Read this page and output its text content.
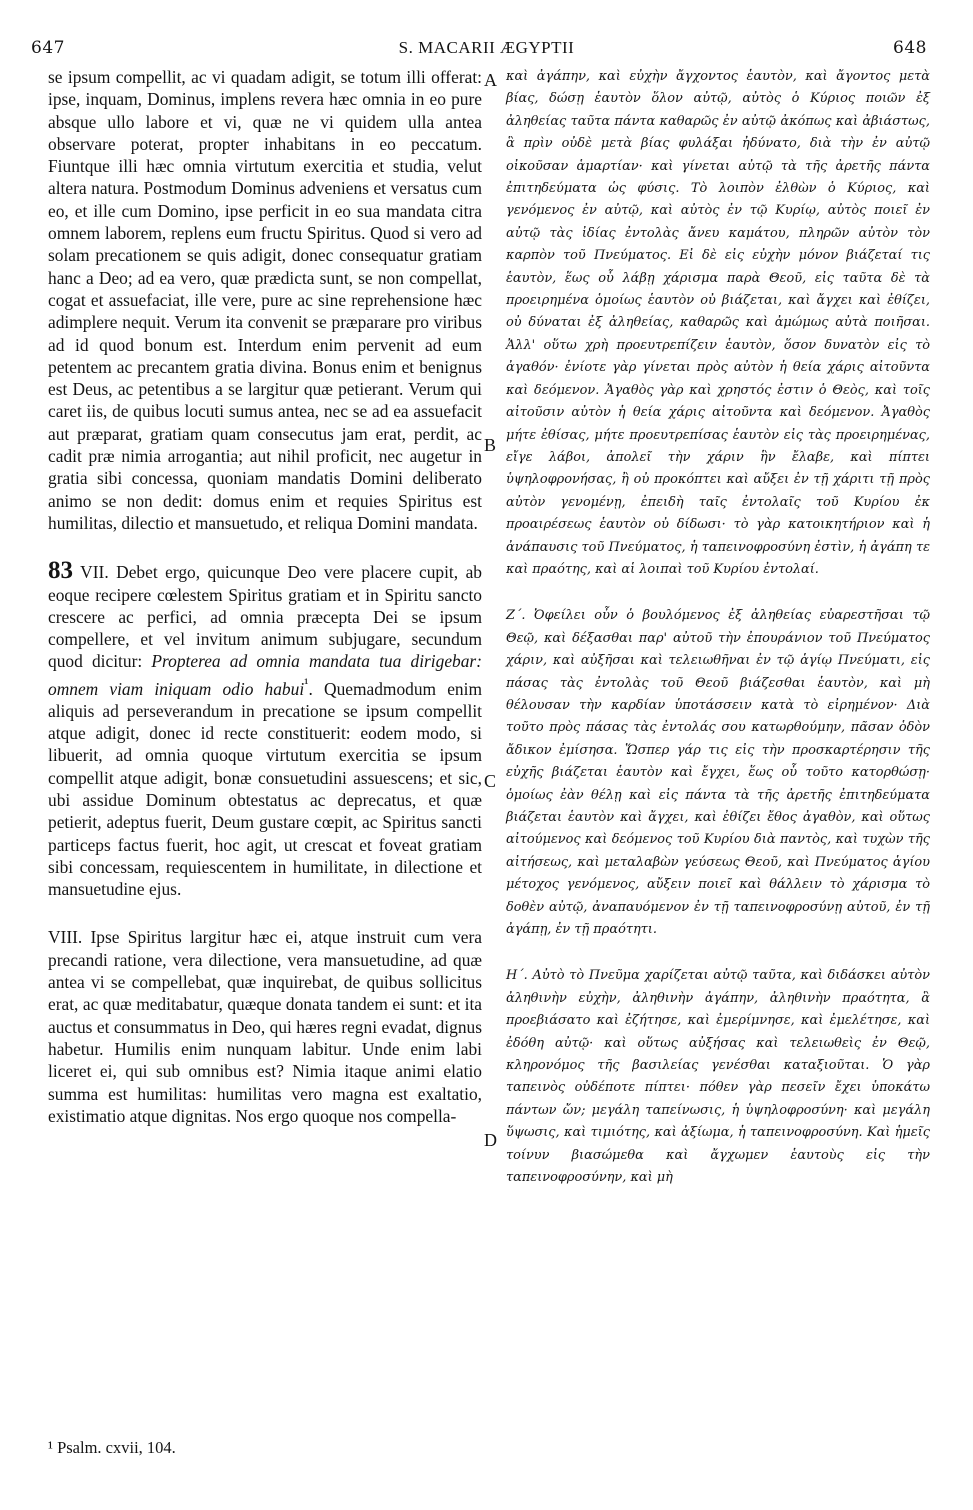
647	S. MACARII ÆGYPTII	648

se ipsum compellit, ac vi quadam adigit, se totum illi offerat: ipse, inquam, Dominus, implens revera hæc omnia in eo pure absque ullo labore et vi, quæ ne vi quidem ulla antea observare poterat, propter inhabitans in eo peccatum. Fiuntque illi hæc omnia virtutum exercitia et studia, velut altera natura. Postmodum Dominus adveniens et versatus cum eo, et ille cum Domino, ipse perficit in eo sua mandata citra omnem laborem, replens eum fructu Spiritus. Quod si vero ad solam precationem se quis adigit, donec consequatur gratiam hanc a Deo; ad ea vero, quæ prædicta sunt, se non compellat, cogat et assuefaciat, ille vere, pure ac sine reprehensione hæc adimplere nequit. Verum ita convenit se præparare pro viribus ad id quod bonum est. Interdum enim pervenit ad eum petentem ac precantem gratia divina. Bonus enim et benignus est Deus, ac petentibus a se largitur quæ petierant. Verum qui caret iis, de quibus locuti sumus antea, nec se ad ea assuefacit aut præparat, gratiam quam consecutus jam erat, perdit, ac cadit præ nimia arrogantia; aut nihil proficit, nec augetur in gratia sibi concessa, quoniam mandatis Domini deliberato animo se non dedit: domus enim et requies Spiritus est humilitas, dilectio et mansuetudo, et reliqua Domini mandata.

83 VII. Debet ergo, quicunque Deo vere placere cupit, ab eoque recipere cœlestem Spiritus gratiam et in Spiritu sancto crescere ac perfici, ad omnia præcepta Dei se ipsum compellere, et vel invitum animum subjugare, secundum quod dicitur: Propterea ad omnia mandata tua dirigebar: omnem viam iniquam odio habui$^{^1}$. Quemadmodum enim aliquis ad perseverandum in precatione se ipsum compellit atque adigit, donec id recte constituerit: eodem modo, si libuerit, ad omnia quoque virtutum exercitia se ipsum compellit atque adigit, bonæ consuetudini assuescens; et sic, ubi assidue Dominum obtestatus ac deprecatus, et quæ petierit, adeptus fuerit, Deum gustare cœpit, ac Spiritus sancti particeps factus fuerit, hoc agit, ut crescat et foveat gratiam sibi concessam, requiescentem in humilitate, in dilectione et mansuetudine ejus.

VIII. Ipse Spiritus largitur hæc ei, atque instruit cum vera precandi ratione, vera dilectione, vera mansuetudine, ad quæ antea vi se compellebat, quæ inquirebat, de quibus sollicitus erat, ac quæ meditabatur, quæque donata tandem ei sunt: et ita auctus et consummatus in Deo, qui hæres regni evadat, dignus habetur. Humilis enim nunquam labitur. Unde enim labi liceret ei, qui sub omnibus est? Nimia itaque animi elatio summa est humilitas: humilitas vero magna est exaltatio, existimatio atque dignitas. Nos ergo quoque nos compella-

A
B
C
D

καὶ ἀγάπην, καὶ εὐχὴν ἄγχοντος ἑαυτὸν, καὶ ἄγοντος μετὰ βίας, δώσῃ ἑαυτὸν ὅλον αὐτῷ, αὐτὸς ὁ Κύριος ποιῶν ἐξ ἀληθείας ταῦτα πάντα καθαρῶς ἐν αὐτῷ ἀκόπως καὶ ἀβιάστως, ἃ πρὶν οὐδὲ μετὰ βίας φυλάξαι ἠδύνατο, διὰ τὴν ἐν αὐτῷ οἰκοῦσαν ἁμαρτίαν· καὶ γίνεται αὐτῷ τὰ τῆς ἀρετῆς πάντα ἐπιτηδεύματα ὡς φύσις. Τὸ λοιπὸν ἐλθὼν ὁ Κύριος, καὶ γενόμενος ἐν αὐτῷ, καὶ αὐτὸς ἐν τῷ Κυρίῳ, αὐτὸς ποιεῖ ἐν αὐτῷ τὰς ἰδίας ἐντολὰς ἄνευ καμάτου, πληρῶν αὐτὸν τὸν καρπὸν τοῦ Πνεύματος. Εἰ δὲ εἰς εὐχὴν μόνον βιάζεταί τις ἑαυτὸν, ἕως οὗ λάβῃ χάρισμα παρὰ Θεοῦ, εἰς ταῦτα δὲ τὰ προειρημένα ὁμοίως ἑαυτὸν οὐ βιάζεται, καὶ ἄγχει καὶ ἐθίζει, οὐ δύναται ἐξ ἀληθείας, καθαρῶς καὶ ἀμώμως αὐτὰ ποιῆσαι. Ἀλλ' οὕτω χρὴ προευτρεπίζειν ἑαυτὸν, ὅσον δυνατὸν εἰς τὸ ἀγαθόν· ἐνίοτε γὰρ γίνεται πρὸς αὐτὸν ἡ θεία χάρις αἰτοῦντα καὶ δεόμενον. Ἀγαθὸς γὰρ καὶ χρηστός ἐστιν ὁ Θεὸς, καὶ τοῖς αἰτοῦσιν αὐτὸν ἡ θεία χάρις αἰτοῦντα καὶ δεόμενον. Ἀγαθὸς μήτε ἐθίσας, μήτε προευτρεπίσας ἑαυτὸν εἰς τὰς προειρημένας, εἴγε λάβοι, ἀπολεῖ τὴν χάριν ἣν ἔλαβε, καὶ πίπτει ὑψηλοφρονήσας, ἢ οὐ προκόπτει καὶ αὔξει ἐν τῇ χάριτι τῇ πρὸς αὐτὸν γενομένῃ, ἐπειδὴ ταῖς ἐντολαῖς τοῦ Κυρίου ἐκ προαιρέσεως ἑαυτὸν οὐ δίδωσι· τὸ γὰρ κατοικητήριον καὶ ἡ ἀνάπαυσις τοῦ Πνεύματος, ἡ ταπεινοφροσύνη ἐστὶν, ἡ ἀγάπη τε καὶ πραότης, καὶ αἱ λοιπαὶ τοῦ Κυρίου ἐντολαί.

Ζ΄. Ὀφείλει οὖν ὁ βουλόμενος ἐξ ἀληθείας εὐαρεστῆσαι τῷ Θεῷ, καὶ δέξασθαι παρ' αὐτοῦ τὴν ἐπουράνιον τοῦ Πνεύματος χάριν, καὶ αὐξῆσαι καὶ τελειωθῆναι ἐν τῷ ἁγίῳ Πνεύματι, εἰς πάσας τὰς ἐντολὰς τοῦ Θεοῦ βιάζεσθαι ἑαυτὸν, καὶ μὴ θέλουσαν τὴν καρδίαν ὑποτάσσειν κατὰ τὸ εἰρημένον· Διὰ τοῦτο πρὸς πάσας τὰς ἐντολάς σου κατωρθούμην, πᾶσαν ὁδὸν ἄδικον ἐμίσησα. Ὥσπερ γάρ τις εἰς τὴν προσκαρτέρησιν τῆς εὐχῆς βιάζεται ἑαυτὸν καὶ ἔγχει, ἕως οὗ τοῦτο κατορθώσῃ· ὁμοίως ἐὰν θέλῃ καὶ εἰς πάντα τὰ τῆς ἀρετῆς ἐπιτηδεύματα βιάζεται ἑαυτὸν καὶ ἄγχει, καὶ ἐθίζει ἔθος ἀγαθὸν, καὶ οὕτως αἰτούμενος καὶ δεόμενος τοῦ Κυρίου διὰ παντὸς, καὶ τυχὼν τῆς αἰτήσεως, καὶ μεταλαβὼν γεύσεως Θεοῦ, καὶ Πνεύματος ἁγίου μέτοχος γενόμενος, αὔξειν ποιεῖ καὶ θάλλειν τὸ χάρισμα τὸ δοθὲν αὐτῷ, ἀναπαυόμενον ἐν τῇ ταπεινοφροσύνῃ αὐτοῦ, ἐν τῇ ἀγάπῃ, ἐν τῇ πραότητι.

Η΄. Αὐτὸ τὸ Πνεῦμα χαρίζεται αὐτῷ ταῦτα, καὶ διδάσκει αὐτὸν ἀληθινὴν εὐχὴν, ἀληθινὴν ἀγάπην, ἀληθινὴν πραότητα, ἃ προεβιάσατο καὶ ἐζήτησε, καὶ ἐμερίμνησε, καὶ ἐμελέτησε, καὶ ἐδόθη αὐτῷ· καὶ οὕτως αὐξήσας καὶ τελειωθεὶς ἐν Θεῷ, κληρονόμος τῆς βασιλείας γενέσθαι καταξιοῦται. Ὁ γὰρ ταπεινὸς οὐδέποτε πίπτει· πόθεν γὰρ πεσεῖν ἔχει ὑποκάτω πάντων ὤν; μεγάλη ταπείνωσις, ἡ ὑψηλοφροσύνη· καὶ μεγάλη ὕψωσις, καὶ τιμιότης, καὶ ἀξίωμα, ἡ ταπεινοφροσύνη. Καὶ ἡμεῖς τοίνυν βιασώμεθα καὶ ἄγχωμεν ἑαυτοὺς εἰς τὴν ταπεινοφροσύνην, καὶ μὴ

¹ Psalm. cxvii, 104.
